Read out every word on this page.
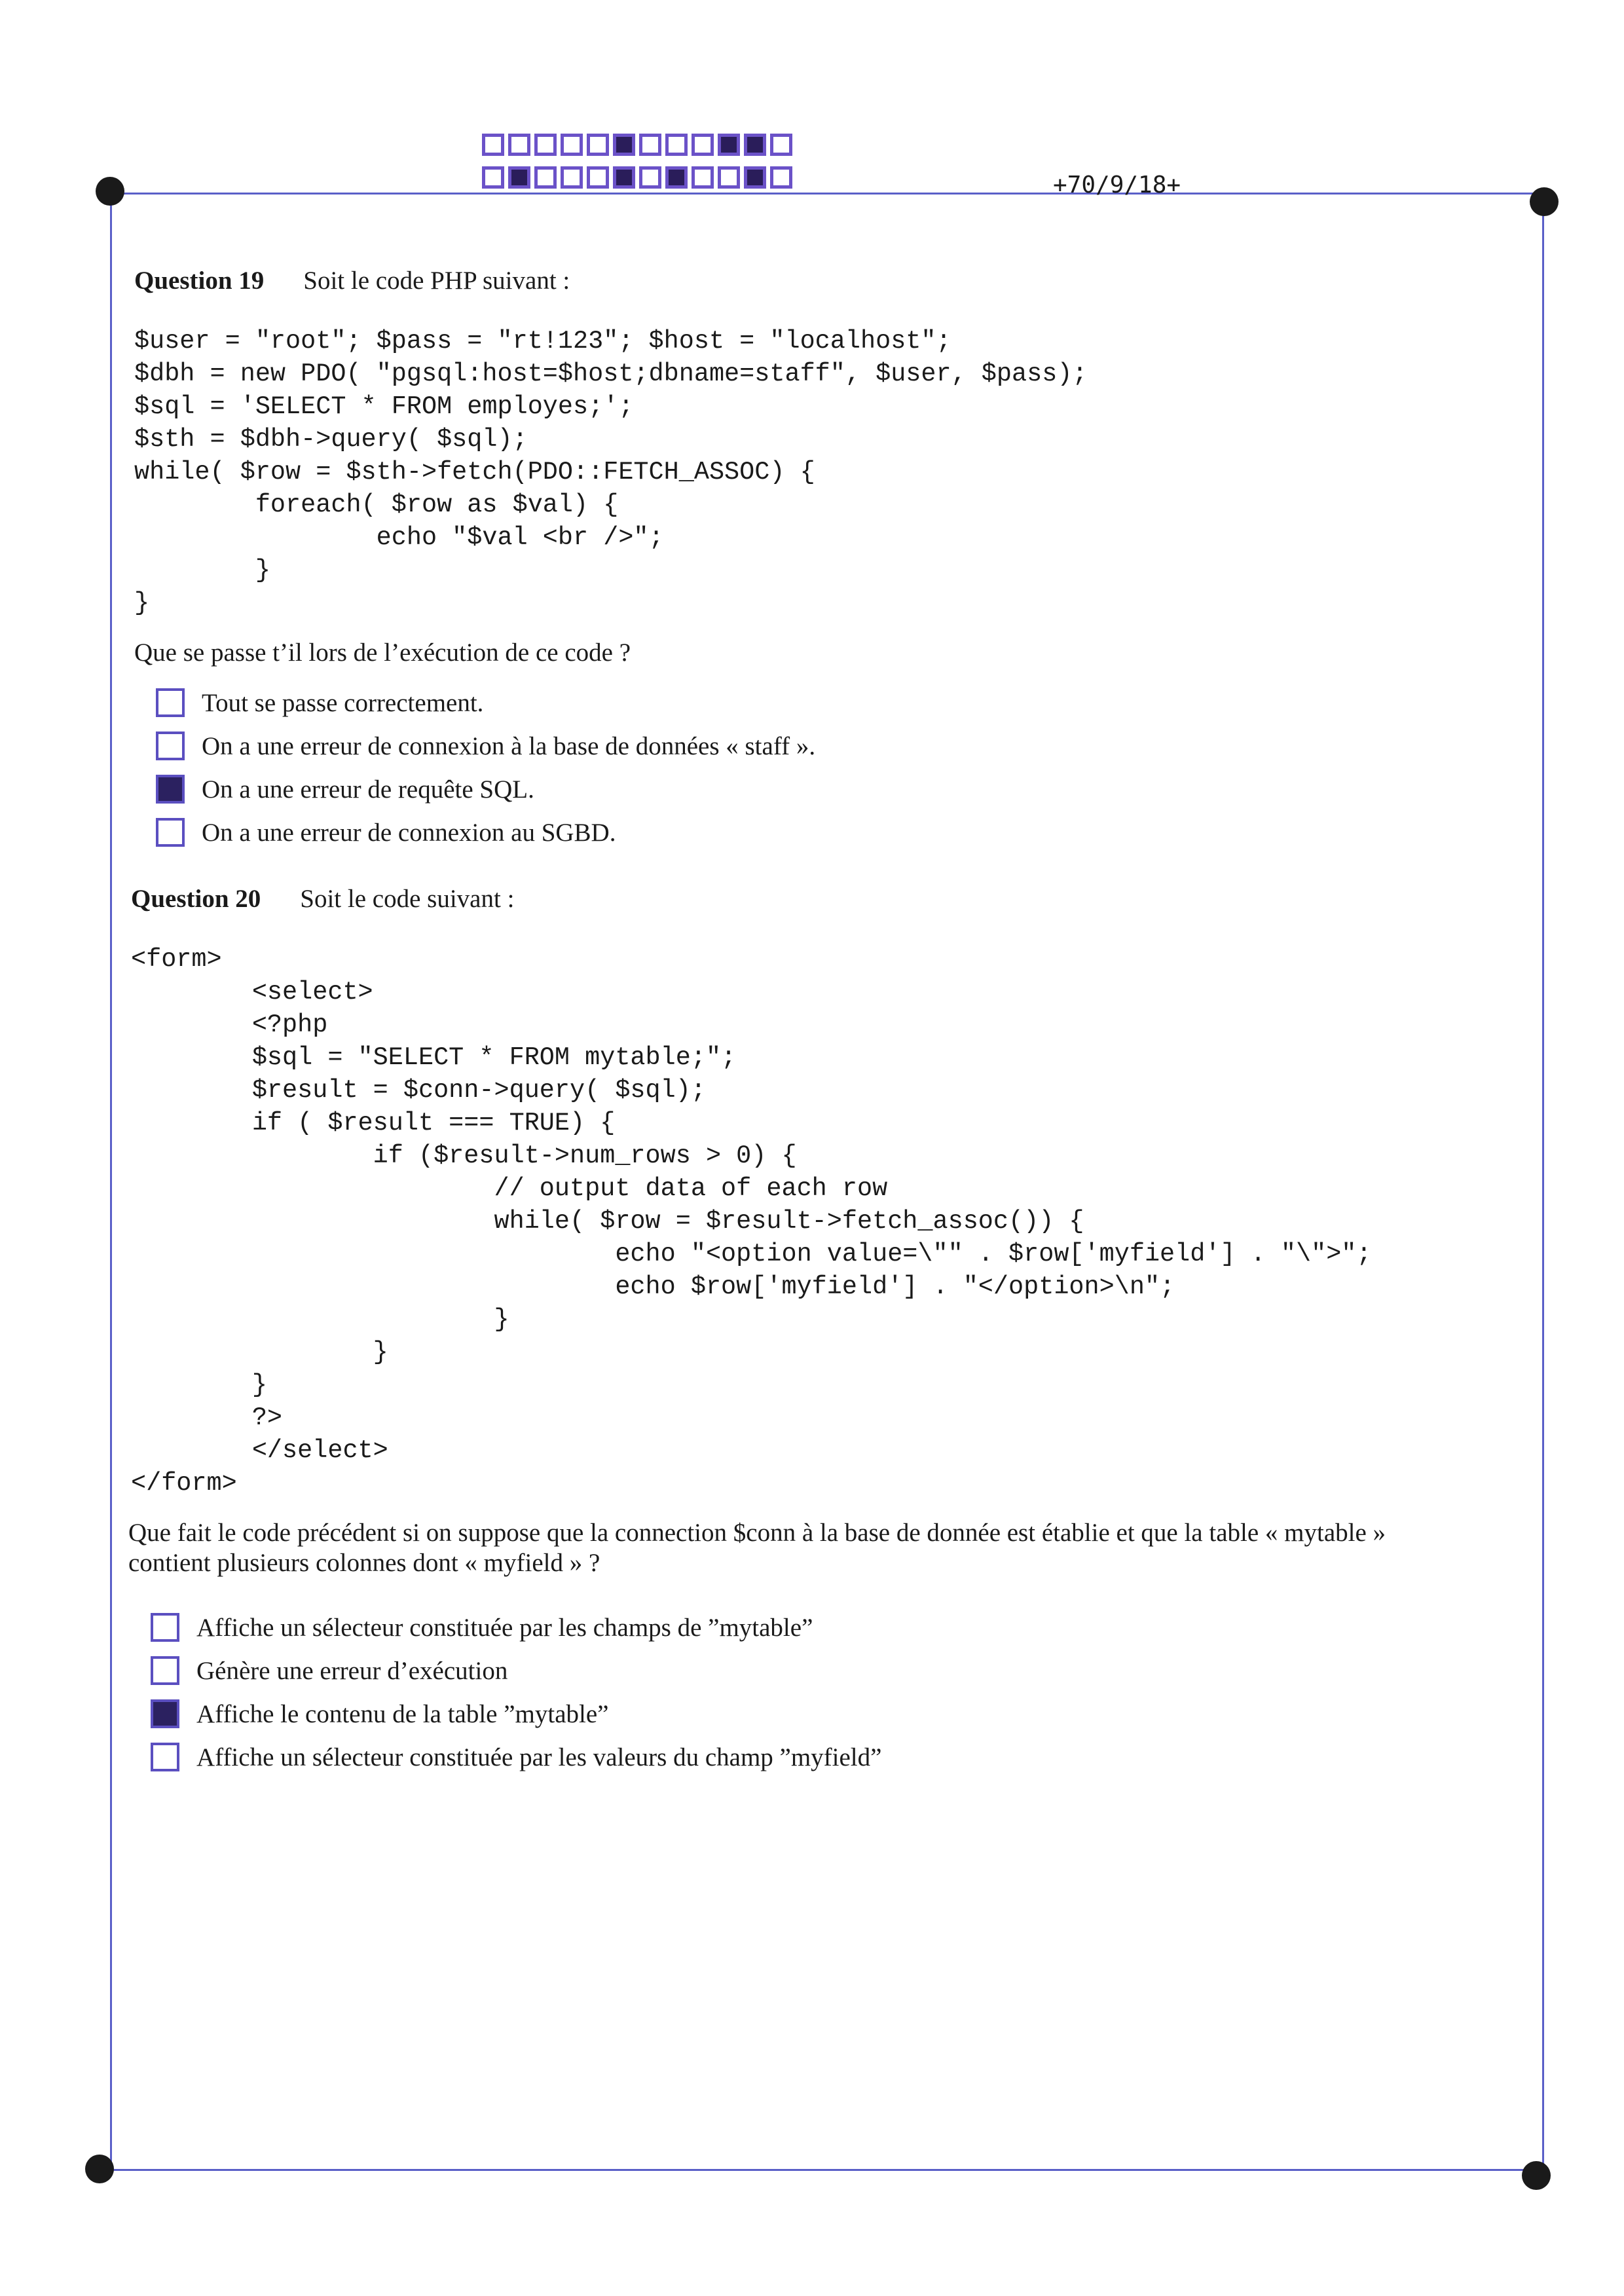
+70/9/18+
Question 19 Soit le code PHP suivant :
$user = "root"; $pass = "rt!123"; $host = "localhost";
$dbh = new PDO( "pgsql:host=$host;dbname=staff", $user, $pass);
$sql = 'SELECT * FROM employes;';
$sth = $dbh->query( $sql);
while( $row = $sth->fetch(PDO::FETCH_ASSOC) {
foreach( $row as $val) {
echo "$val <br />";
}
}
Que se passe t’il lors de l’exécution de ce code ?
Tout se passe correctement.
On a une erreur de connexion à la base de données « staff ».
On a une erreur de requête SQL.
On a une erreur de connexion au SGBD.
Question 20 Soit le code suivant :
<form>
<select>
<?php
$sql = "SELECT * FROM mytable;";
$result = $conn->query( $sql);
if ( $result === TRUE) {
if ($result->num_rows > 0) {
// output data of each row
while( $row = $result->fetch_assoc()) {
echo "<option value=\"" . $row['myfield'] . "\">";
echo $row['myfield'] . "</option>\n";
}
}
}
?>
</select>
</form>
Que fait le code précédent si on suppose que la connection $conn à la base de donnée est établie et que la table « mytable »
contient plusieurs colonnes dont « myfield » ?
Affiche un sélecteur constituée par les champs de ”mytable”
Génère une erreur d’exécution
Affiche le contenu de la table ”mytable”
Affiche un sélecteur constituée par les valeurs du champ ”myfield”
